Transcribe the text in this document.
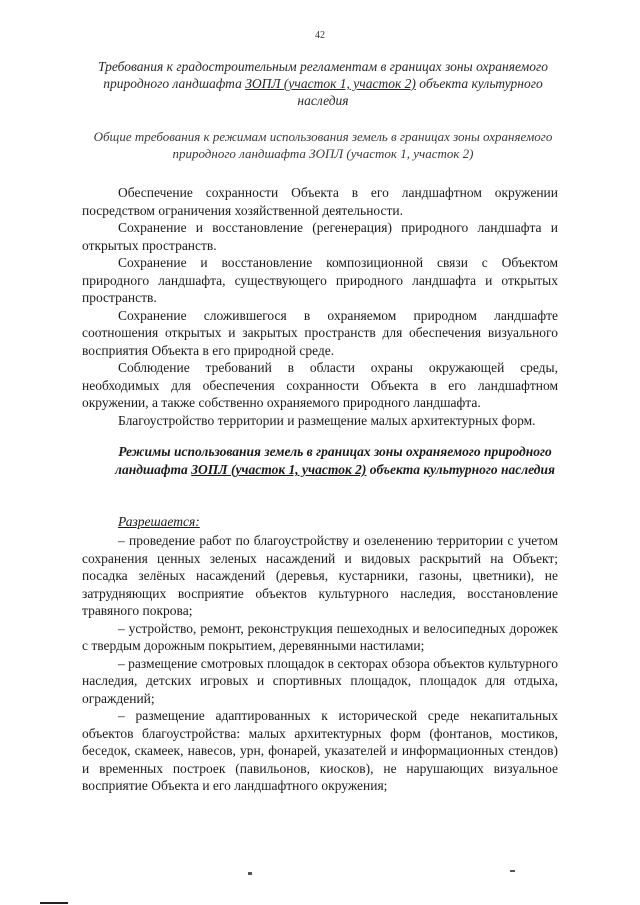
42
Требования к градостроительным регламентам в границах зоны охраняемого природного ландшафта ЗОПЛ (участок 1, участок 2) объекта культурного наследия
Общие требования к режимам использования земель в границах зоны охраняемого природного ландшафта ЗОПЛ (участок 1, участок 2)

Обеспечение сохранности Объекта в его ландшафтном окружении посредством ограничения хозяйственной деятельности.

Сохранение и восстановление (регенерация) природного ландшафта и открытых пространств.

Сохранение и восстановление композиционной связи с Объектом природного ландшафта, существующего природного ландшафта и открытых пространств.

Сохранение сложившегося в охраняемом природном ландшафте соотношения открытых и закрытых пространств для обеспечения визуального восприятия Объекта в его природной среде.

Соблюдение требований в области охраны окружающей среды, необходимых для обеспечения сохранности Объекта в его ландшафтном окружении, а также собственно охраняемого природного ландшафта.

Благоустройство территории и размещение малых архитектурных форм.

Режимы использования земель в границах зоны охраняемого природного ландшафта ЗОПЛ (участок 1, участок 2) объекта культурного наследия
Разрешается:

– проведение работ по благоустройству и озеленению территории с учетом сохранения ценных зеленых насаждений и видовых раскрытий на Объект; посадка зелёных насаждений (деревья, кустарники, газоны, цветники), не затрудняющих восприятие объектов культурного наследия, восстановление травяного покрова;

– устройство, ремонт, реконструкция пешеходных и велосипедных дорожек с твердым дорожным покрытием, деревянными настилами;

– размещение смотровых площадок в секторах обзора объектов культурного наследия, детских игровых и спортивных площадок, площадок для отдыха, ограждений;

– размещение адаптированных к исторической среде некапитальных объектов благоустройства: малых архитектурных форм (фонтанов, мостиков, беседок, скамеек, навесов, урн, фонарей, указателей и информационных стендов) и временных построек (павильонов, киосков), не нарушающих визуальное восприятие Объекта и его ландшафтного окружения;
